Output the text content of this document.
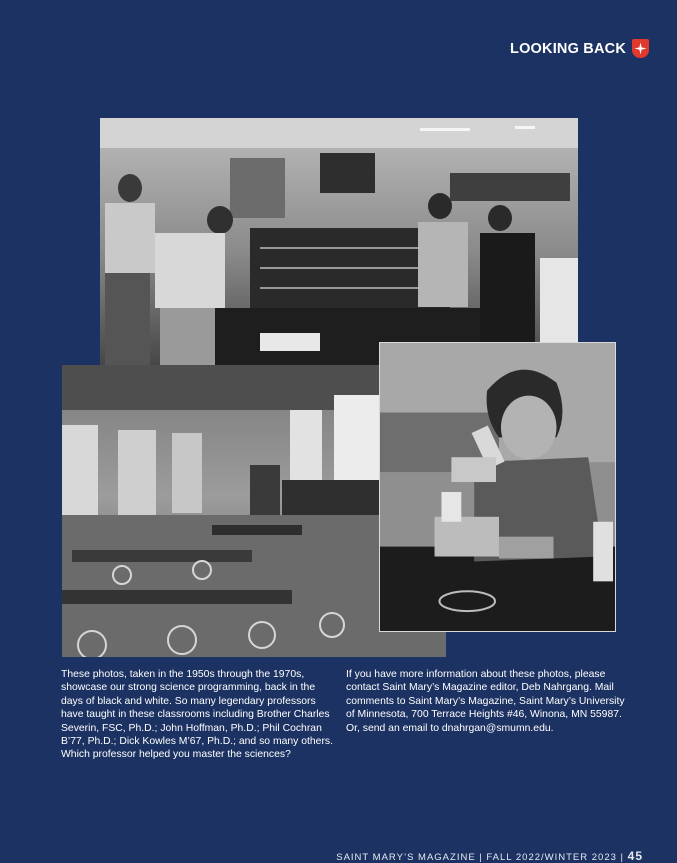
LOOKING BACK

These photos, taken in the 1950s through the 1970s, showcase our strong science programming, back in the days of black and white. So many legendary professors have taught in these classrooms including Brother Charles Severin, FSC, Ph.D.; John Hoffman, Ph.D.; Phil Cochran B’77, Ph.D.; Dick Kowles M’67, Ph.D.; and so many others. Which professor helped you master the sciences?

If you have more information about these photos, please contact Saint Mary’s Magazine editor, Deb Nahrgang. Mail comments to Saint Mary’s Magazine, Saint Mary’s University of Minnesota, 700 Terrace Heights #46, Winona, MN 55987. Or, send an email to dnahrgan@smumn.edu.

SAINT MARY’S MAGAZINE | FALL 2022/WINTER 2023 | 45
